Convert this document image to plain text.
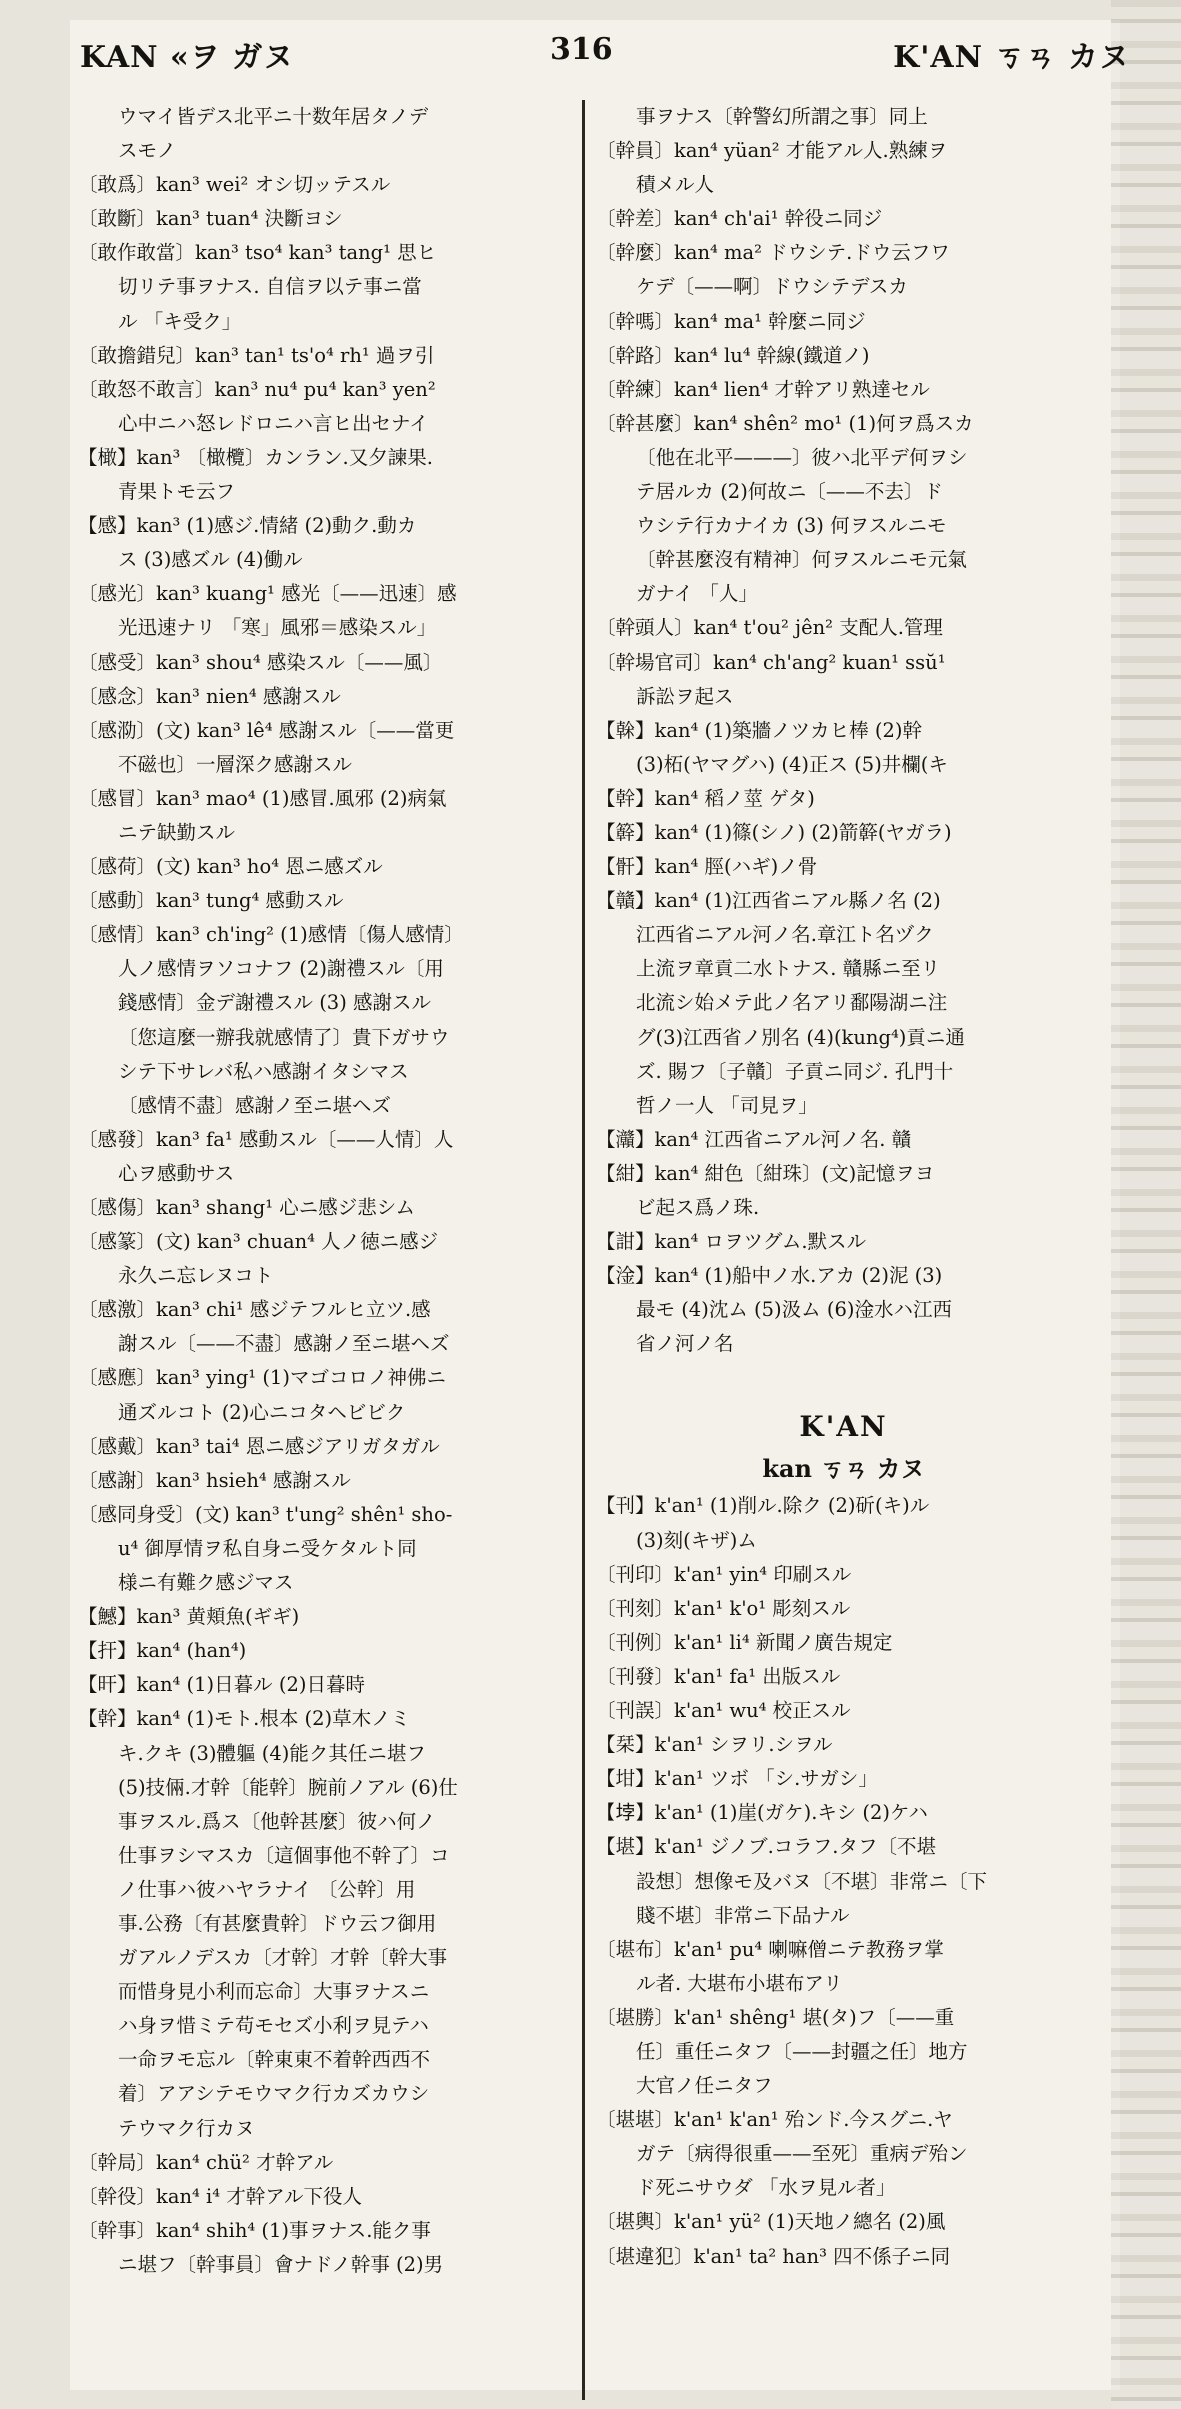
KAN «ヲ ガヌ	316	K'AN ㄎㄢ カヌ
ウマイ皆デス北平ニ十数年居タノデ
スモノ
〔敢爲〕kan³ wei² オシ切ッテスル
〔敢斷〕kan³ tuan⁴ 決斷ヨシ
〔敢作敢當〕kan³ tso⁴ kan³ tang¹ 思ヒ
切リテ事ヲナス. 自信ヲ以テ事ニ當
ル 「キ受ク」
〔敢擔錯兒〕kan³ tan¹ ts'o⁴ rh¹ 過ヲ引
〔敢怒不敢言〕kan³ nu⁴ pu⁴ kan³ yen²
心中ニハ怒レドロニハ言ヒ出セナイ
【橄】kan³ 〔橄欖〕カンラン.又夕諫果.
青果トモ云フ
【感】kan³ (1)感ジ.情緒 (2)動ク.動カ
ス (3)感ズル (4)働ル
〔感光〕kan³ kuang¹ 感光〔——迅速〕感
光迅速ナリ 「寒」風邪＝感染スル」
〔感受〕kan³ shou⁴ 感染スル〔——風〕
〔感念〕kan³ nien⁴ 感謝スル
〔感泐〕(文) kan³ lê⁴ 感謝スル〔——當更
不磁也〕一層深ク感謝スル
〔感冒〕kan³ mao⁴ (1)感冒.風邪 (2)病氣
ニテ缺勤スル
〔感荷〕(文) kan³ ho⁴ 恩ニ感ズル
〔感動〕kan³ tung⁴ 感動スル
〔感情〕kan³ ch'ing² (1)感情〔傷人感情〕
人ノ感情ヲソコナフ (2)謝禮スル〔用
錢感情〕金デ謝禮スル (3) 感謝スル
〔您這麼一辦我就感情了〕貴下ガサウ
シテ下サレバ私ハ感謝イタシマス
〔感情不盡〕感謝ノ至ニ堪ヘズ
〔感發〕kan³ fa¹ 感動スル〔——人情〕人
心ヲ感動サス
〔感傷〕kan³ shang¹ 心ニ感ジ悲シム
〔感篆〕(文) kan³ chuan⁴ 人ノ徳ニ感ジ
永久ニ忘レヌコト
〔感激〕kan³ chi¹ 感ジテフルヒ立ツ.感
謝スル〔——不盡〕感謝ノ至ニ堪ヘズ
〔感應〕kan³ ying¹ (1)マゴコロノ神佛ニ
通ズルコト (2)心ニコタヘビビク
〔感戴〕kan³ tai⁴ 恩ニ感ジアリガタガル
〔感謝〕kan³ hsieh⁴ 感謝スル
〔感同身受〕(文) kan³ t'ung² shên¹ sho-
u⁴ 御厚情ヲ私自身ニ受ケタルト同
様ニ有難ク感ジマス
【鱤】kan³ 黄頬魚(ギギ)
【扞】kan⁴ (han⁴)
【旰】kan⁴ (1)日暮ル (2)日暮時
【幹】kan⁴ (1)モト.根本 (2)草木ノミ
キ.クキ (3)體軀 (4)能ク其任ニ堪フ
(5)技倆.才幹〔能幹〕腕前ノアル (6)仕
事ヲスル.爲ス〔他幹甚麼〕彼ハ何ノ
仕事ヲシマスカ〔這個事他不幹了〕コ
ノ仕事ハ彼ハヤラナイ 〔公幹〕用
事.公務〔有甚麼貴幹〕ドウ云フ御用
ガアルノデスカ〔才幹〕才幹〔幹大事
而惜身見小利而忘命〕大事ヲナスニ
ハ身ヲ惜ミテ苟モセズ小利ヲ見テハ
一命ヲモ忘ル〔幹東東不着幹西西不
着〕アアシテモウマク行カズカウシ
テウマク行カヌ
〔幹局〕kan⁴ chü² 才幹アル
〔幹役〕kan⁴ i⁴ 才幹アル下役人
〔幹事〕kan⁴ shih⁴ (1)事ヲナス.能ク事
ニ堪フ〔幹事員〕會ナドノ幹事 (2)男
事ヲナス〔幹警幻所謂之事〕同上
〔幹員〕kan⁴ yüan² 才能アル人.熟練ヲ
積メル人
〔幹差〕kan⁴ ch'ai¹ 幹役ニ同ジ
〔幹麼〕kan⁴ ma² ドウシテ.ドウ云フワ
ケデ〔——啊〕ドウシテデスカ
〔幹嗎〕kan⁴ ma¹ 幹麼ニ同ジ
〔幹路〕kan⁴ lu⁴ 幹線(鐵道ノ)
〔幹練〕kan⁴ lien⁴ 才幹アリ熟達セル
〔幹甚麼〕kan⁴ shên² mo¹ (1)何ヲ爲スカ
〔他在北平———〕彼ハ北平デ何ヲシ
テ居ルカ (2)何故ニ〔——不去〕ド
ウシテ行カナイカ (3) 何ヲスルニモ
〔幹甚麼沒有精神〕何ヲスルニモ元氣
ガナイ 「人」
〔幹頭人〕kan⁴ t'ou² jên² 支配人.管理
〔幹場官司〕kan⁴ ch'ang² kuan¹ ssŭ¹
訴訟ヲ起ス
【榦】kan⁴ (1)築牆ノツカヒ棒 (2)幹
(3)柘(ヤマグハ) (4)正ス (5)井欄(キ
【幹】kan⁴ 稻ノ莖 ゲタ)
【簳】kan⁴ (1)篠(シノ) (2)箭簳(ヤガラ)
【骭】kan⁴ 脛(ハギ)ノ骨
【贛】kan⁴ (1)江西省ニアル縣ノ名 (2)
江西省ニアル河ノ名.章江ト名ヅク
上流ヲ章貢二水トナス. 贛縣ニ至リ
北流シ始メテ此ノ名アリ鄱陽湖ニ注
グ(3)江西省ノ別名 (4)(kung⁴)貢ニ通
ズ. 賜フ〔子贛〕子貢ニ同ジ. 孔門十
哲ノ一人 「司見ヲ」
【灨】kan⁴ 江西省ニアル河ノ名. 贛
【紺】kan⁴ 紺色〔紺珠〕(文)記憶ヲヨ
ビ起ス爲ノ珠.
【詌】kan⁴ ロヲツグム.默スル
【淦】kan⁴ (1)船中ノ水.アカ (2)泥 (3)
最モ (4)沈ム (5)汲ム (6)淦水ハ江西
省ノ河ノ名
K'AN
kan ㄎㄢ カヌ
【刊】k'an¹ (1)削ル.除ク (2)斫(キ)ル
(3)刻(キザ)ム
〔刊印〕k'an¹ yin⁴ 印刷スル
〔刊刻〕k'an¹ k'o¹ 彫刻スル
〔刊例〕k'an¹ li⁴ 新聞ノ廣告規定
〔刊發〕k'an¹ fa¹ 出版スル
〔刊誤〕k'an¹ wu⁴ 校正スル
【栞】k'an¹ シヲリ.シヲル
【坩】k'an¹ ツボ 「シ.サガシ」
【𡋯】k'an¹ (1)崖(ガケ).キシ (2)ケハ
【堪】k'an¹ ジノブ.コラフ.タフ〔不堪
設想〕想像モ及バヌ〔不堪〕非常ニ〔下
賤不堪〕非常ニ下品ナル
〔堪布〕k'an¹ pu⁴ 喇嘛僧ニテ教務ヲ掌
ル者. 大堪布小堪布アリ
〔堪勝〕k'an¹ shêng¹ 堪(タ)フ〔——重
任〕重任ニタフ〔——封疆之任〕地方
大官ノ任ニタフ
〔堪堪〕k'an¹ k'an¹ 殆ンド.今スグニ.ヤ
ガテ〔病得很重——至死〕重病デ殆ン
ド死ニサウダ 「水ヲ見ル者」
〔堪輿〕k'an¹ yü² (1)天地ノ總名 (2)風
〔堪違犯〕k'an¹ ta² han³ 四不係子ニ同
